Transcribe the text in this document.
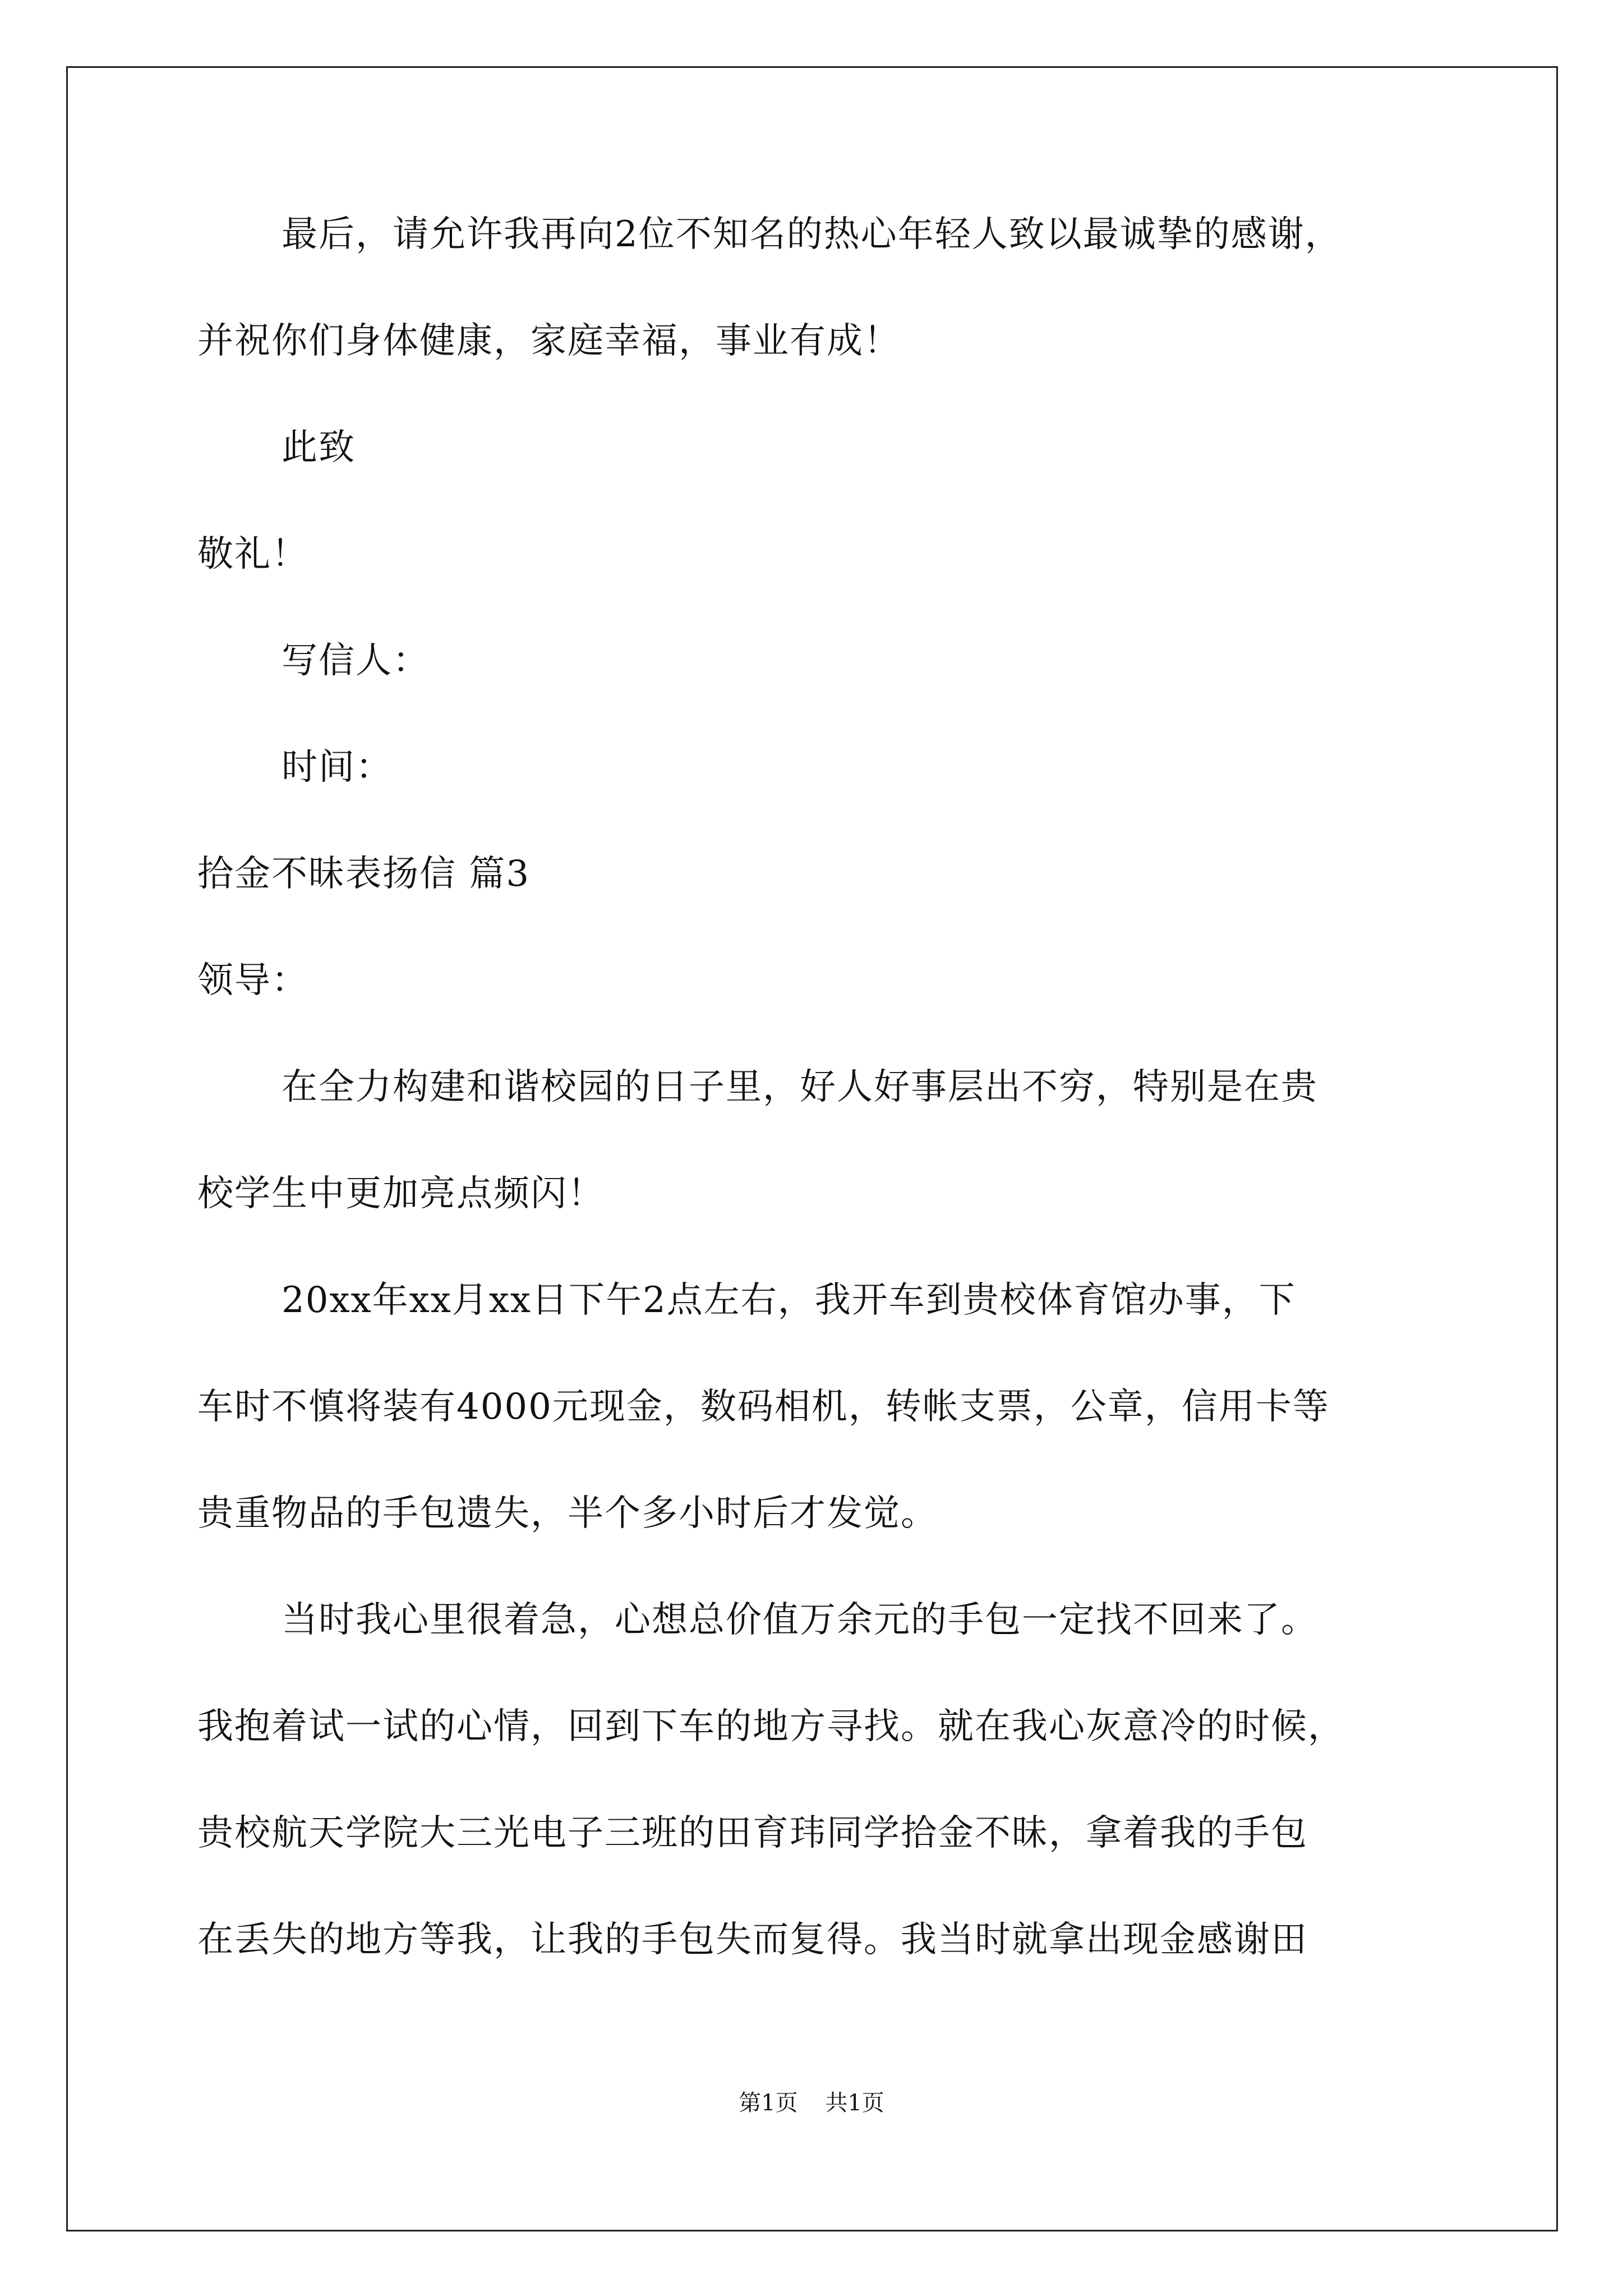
最后，请允许我再向2位不知名的热心年轻人致以最诚挚的感谢，
并祝你们身体健康，家庭幸福，事业有成！
此致
敬礼！
写信人：
时间：
拾金不昧表扬信 篇3
领导：
在全力构建和谐校园的日子里，好人好事层出不穷，特别是在贵
校学生中更加亮点频闪！
20xx年xx月xx日下午2点左右，我开车到贵校体育馆办事，下
车时不慎将装有4000元现金，数码相机，转帐支票，公章，信用卡等
贵重物品的手包遗失，半个多小时后才发觉。
当时我心里很着急，心想总价值万余元的手包一定找不回来了。
我抱着试一试的心情，回到下车的地方寻找。就在我心灰意冷的时候，
贵校航天学院大三光电子三班的田育玮同学拾金不昧，拿着我的手包
在丢失的地方等我，让我的手包失而复得。我当时就拿出现金感谢田
第1页 共1页
